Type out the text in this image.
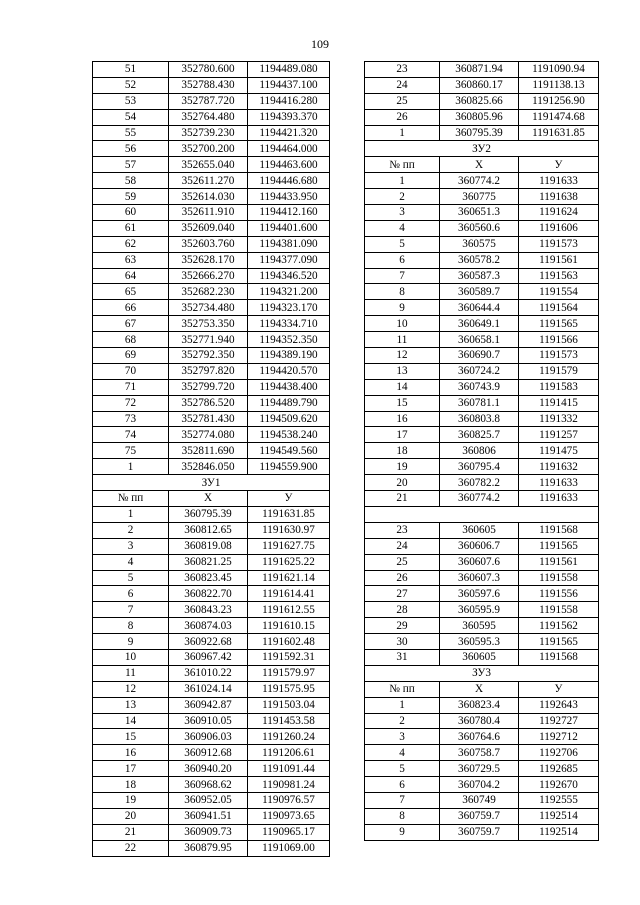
109
51	352780.600	1194489.080
52	352788.430	1194437.100
53	352787.720	1194416.280
54	352764.480	1194393.370
55	352739.230	1194421.320
56	352700.200	1194464.000
57	352655.040	1194463.600
58	352611.270	1194446.680
59	352614.030	1194433.950
60	352611.910	1194412.160
61	352609.040	1194401.600
62	352603.760	1194381.090
63	352628.170	1194377.090
64	352666.270	1194346.520
65	352682.230	1194321.200
66	352734.480	1194323.170
67	352753.350	1194334.710
68	352771.940	1194352.350
69	352792.350	1194389.190
70	352797.820	1194420.570
71	352799.720	1194438.400
72	352786.520	1194489.790
73	352781.430	1194509.620
74	352774.080	1194538.240
75	352811.690	1194549.560
1	352846.050	1194559.900
ЗУ1		
№ пп	X	У
1	360795.39	1191631.85
2	360812.65	1191630.97
3	360819.08	1191627.75
4	360821.25	1191625.22
5	360823.45	1191621.14
6	360822.70	1191614.41
7	360843.23	1191612.55
8	360874.03	1191610.15
9	360922.68	1191602.48
10	360967.42	1191592.31
11	361010.22	1191579.97
12	361024.14	1191575.95
13	360942.87	1191503.04
14	360910.05	1191453.58
15	360906.03	1191260.24
16	360912.68	1191206.61
17	360940.20	1191091.44
18	360968.62	1190981.24
19	360952.05	1190976.57
20	360941.51	1190973.65
21	360909.73	1190965.17
22	360879.95	1191069.00
23	360871.94	1191090.94
24	360860.17	1191138.13
25	360825.66	1191256.90
26	360805.96	1191474.68
1	360795.39	1191631.85
ЗУ2		
№ пп	X	У
1	360774.2	1191633
2	360775	1191638
3	360651.3	1191624
4	360560.6	1191606
5	360575	1191573
6	360578.2	1191561
7	360587.3	1191563
8	360589.7	1191554
9	360644.4	1191564
10	360649.1	1191565
11	360658.1	1191566
12	360690.7	1191573
13	360724.2	1191579
14	360743.9	1191583
15	360781.1	1191415
16	360803.8	1191332
17	360825.7	1191257
18	360806	1191475
19	360795.4	1191632
20	360782.2	1191633
21	360774.2	1191633

23	360605	1191568
24	360606.7	1191565
25	360607.6	1191561
26	360607.3	1191558
27	360597.6	1191556
28	360595.9	1191558
29	360595	1191562
30	360595.3	1191565
31	360605	1191568
ЗУ3		
№ пп	X	У
1	360823.4	1192643
2	360780.4	1192727
3	360764.6	1192712
4	360758.7	1192706
5	360729.5	1192685
6	360704.2	1192670
7	360749	1192555
8	360759.7	1192514
9	360759.7	1192514
